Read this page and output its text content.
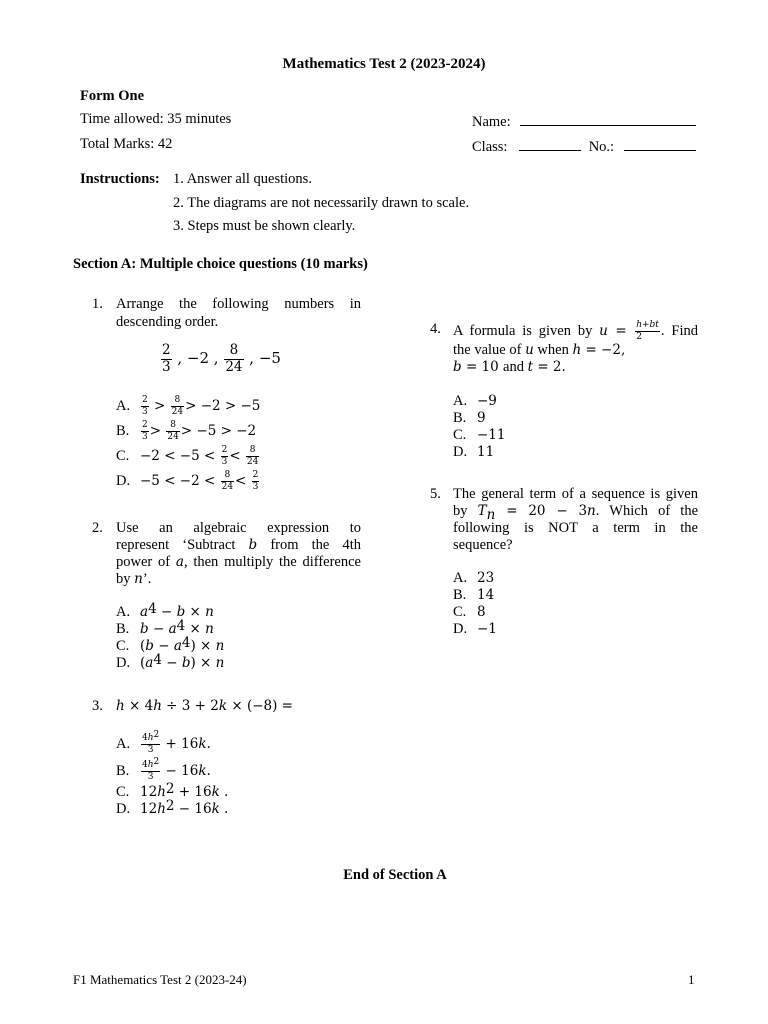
Mathematics Test 2 (2023-2024)
Form One
Time allowed: 35 minutes
Total Marks: 42
Name:
Class:	No.:
Instructions: 1. Answer all questions.
2. The diagrams are not necessarily drawn to scale.
3. Steps must be shown clearly.
Section A: Multiple choice questions (10 marks)
1. Arrange the following numbers in
descending order.
$\frac{2}{3}$ , −2 , $\frac{8}{24}$ , −5
A. $\frac{2}{3} > \frac{8}{24} > -2 > -5$
B. $\frac{2}{3} > \frac{8}{24} > -5 > -2$
C. $-2 < -5 < \frac{2}{3} < \frac{8}{24}$
D. $-5 < -2 < \frac{8}{24} < \frac{2}{3}$
2. Use an algebraic expression to
represent ‘Subtract b from the 4th
power of a, then multiply the difference
by n’.
A. $a^4 - b \times n$
B. $b - a^4 \times n$
C. $(b - a^4) \times n$
D. $(a^4 - b) \times n$
3. h × 4h ÷ 3 + 2k × (−8) =
A. $\frac{4h^2}{3} + 16k$.
B. $\frac{4h^2}{3} - 16k$.
C. $12h^2 + 16k$ .
D. $12h^2 - 16k$ .
4. A formula is given by $u = \frac{h+bt}{2}$ . Find
the value of u when h = −2,
b = 10 and t = 2.
A. −9
B. 9
C. −11
D. 11
5. The general term of a sequence is given
by $T_n = 20 - 3n$. Which of the
following is NOT a term in the
sequence?
A. 23
B. 14
C. 8
D. −1
End of Section A
F1 Mathematics Test 2 (2023-24)	1
